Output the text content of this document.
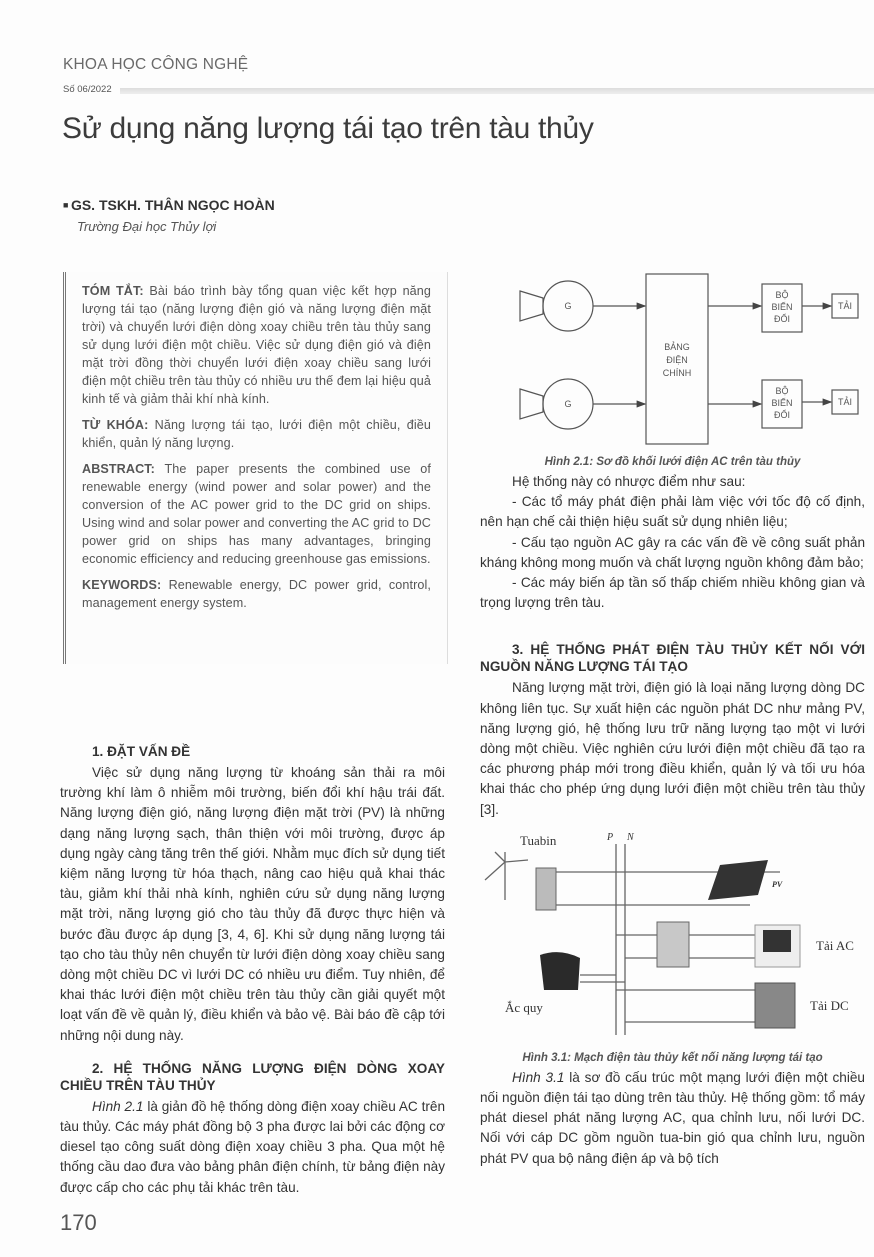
KHOA HỌC CÔNG NGHỆ
Số 06/2022
Sử dụng năng lượng tái tạo trên tàu thủy
■ GS. TSKH. THÂN NGỌC HOÀN
Trường Đại học Thủy lợi

TÓM TẮT: Bài báo trình bày tổng quan việc kết hợp năng lượng tái tạo (năng lượng điện gió và năng lượng điện mặt trời) và chuyển lưới điện dòng xoay chiều trên tàu thủy sang sử dụng lưới điện một chiều. Việc sử dụng điện gió và điện mặt trời đồng thời chuyển lưới điện xoay chiều sang lưới điện một chiều trên tàu thủy có nhiều ưu thế đem lại hiệu quả kinh tế và giảm thải khí nhà kính.

TỪ KHÓA: Năng lượng tái tạo, lưới điện một chiều, điều khiển, quản lý năng lượng.

ABSTRACT: The paper presents the combined use of renewable energy (wind power and solar power) and the conversion of the AC power grid to the DC grid on ships. Using wind and solar power and converting the AC grid to DC power grid on ships has many advantages, bringing economic efficiency and reducing greenhouse gas emissions.

KEYWORDS: Renewable energy, DC power grid, control, management energy system.

1. ĐẶT VẤN ĐỀ

Việc sử dụng năng lượng từ khoáng sản thải ra môi trường khí làm ô nhiễm môi trường, biến đổi khí hậu trái đất. Năng lượng điện gió, năng lượng điện mặt trời (PV) là những dạng năng lượng sạch, thân thiện với môi trường, được áp dụng ngày càng tăng trên thế giới. Nhằm mục đích sử dụng tiết kiệm năng lượng từ hóa thạch, nâng cao hiệu quả khai thác tàu, giảm khí thải nhà kính, nghiên cứu sử dụng năng lượng mặt trời, năng lượng gió cho tàu thủy đã được thực hiện và bước đầu được áp dụng [3, 4, 6]. Khi sử dụng năng lượng tái tạo cho tàu thủy nên chuyển từ lưới điện dòng xoay chiều sang dòng một chiều DC vì lưới DC có nhiều ưu điểm. Tuy nhiên, để khai thác lưới điện một chiều trên tàu thủy cần giải quyết một loạt vấn đề về quản lý, điều khiển và bảo vệ. Bài báo đề cập tới những nội dung này.

2. HỆ THỐNG NĂNG LƯỢNG ĐIỆN DÒNG XOAY CHIỀU TRÊN TÀU THỦY

Hình 2.1 là giản đồ hệ thống dòng điện xoay chiều AC trên tàu thủy. Các máy phát đồng bộ 3 pha được lai bởi các động cơ diesel tạo công suất dòng điện xoay chiều 3 pha. Qua một hệ thống cầu dao đưa vào bảng phân điện chính, từ bảng điện này được cấp cho các phụ tải khác trên tàu.

170
G
G
BẢNG
ĐIỆN
CHÍNH
BỘ
BIẾN
ĐỔI
BỘ
BIẾN
ĐỔI
TẢI
TẢI
Hình 2.1: Sơ đồ khối lưới điện AC trên tàu thủy

Hệ thống này có nhược điểm như sau:

- Các tổ máy phát điện phải làm việc với tốc độ cố định, nên hạn chế cải thiện hiệu suất sử dụng nhiên liệu;

- Cấu tạo nguồn AC gây ra các vấn đề về công suất phản kháng không mong muốn và chất lượng nguồn không đảm bảo;

- Các máy biến áp tần số thấp chiếm nhiều không gian và trọng lượng trên tàu.

3. HỆ THỐNG PHÁT ĐIỆN TÀU THỦY KẾT NỐI VỚI NGUỒN NĂNG LƯỢNG TÁI TẠO

Năng lượng mặt trời, điện gió là loại năng lượng dòng DC không liên tục. Sự xuất hiện các nguồn phát DC như mảng PV, năng lượng gió, hệ thống lưu trữ năng lượng tạo một vi lưới dòng một chiều. Việc nghiên cứu lưới điện một chiều đã tạo ra các phương pháp mới trong điều khiển, quản lý và tối ưu hóa khai thác cho phép ứng dụng lưới điện một chiều trên tàu thủy [3].

Tuabin	P N
PV
Tải AC
Ắc quy	Tải DC
Hình 3.1: Mạch điện tàu thủy kết nối năng lượng tái tạo

Hình 3.1 là sơ đồ cấu trúc một mạng lưới điện một chiều nối nguồn điện tái tạo dùng trên tàu thủy. Hệ thống gồm: tổ máy phát diesel phát năng lượng AC, qua chỉnh lưu, nối lưới DC. Nối với cáp DC gồm nguồn tua-bin gió qua chỉnh lưu, nguồn phát PV qua bộ nâng điện áp và bộ tích
